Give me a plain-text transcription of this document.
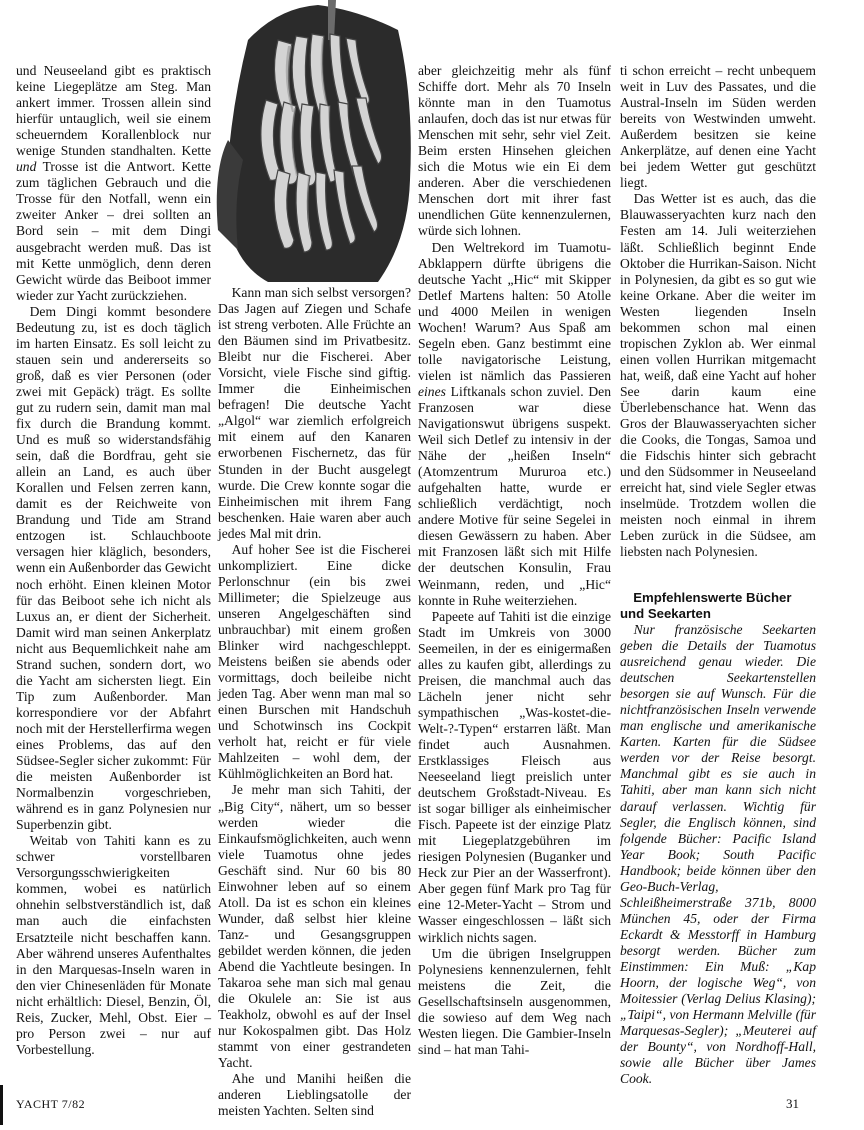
und Neuseeland gibt es praktisch keine Liegeplätze am Steg. Man ankert immer. Trossen allein sind hierfür untauglich, weil sie einem scheuerndem Korallenblock nur wenige Stunden standhalten. Kette und Trosse ist die Antwort. Kette zum täglichen Gebrauch und die Trosse für den Notfall, wenn ein zweiter Anker – drei sollten an Bord sein – mit dem Dingi ausgebracht werden muß. Das ist mit Kette unmöglich, denn deren Gewicht würde das Beiboot immer wieder zur Yacht zurückziehen.

Dem Dingi kommt besondere Bedeutung zu, ist es doch täglich im harten Einsatz. Es soll leicht zu stauen sein und andererseits so groß, daß es vier Personen (oder zwei mit Gepäck) trägt. Es sollte gut zu rudern sein, damit man mal fix durch die Brandung kommt. Und es muß so widerstandsfähig sein, daß die Bordfrau, geht sie allein an Land, es auch über Korallen und Felsen zerren kann, damit es der Reichweite von Brandung und Tide am Strand entzogen ist. Schlauchboote versagen hier kläglich, besonders, wenn ein Außenborder das Gewicht noch erhöht. Einen kleinen Motor für das Beiboot sehe ich nicht als Luxus an, er dient der Sicherheit. Damit wird man seinen Ankerplatz nicht aus Bequemlichkeit nahe am Strand suchen, sondern dort, wo die Yacht am sichersten liegt. Ein Tip zum Außenborder. Man korrespondiere vor der Abfahrt noch mit der Herstellerfirma wegen eines Problems, das auf den Südsee-Segler sicher zukommt: Für die meisten Außenborder ist Normalbenzin vorgeschrieben, während es in ganz Polynesien nur Superbenzin gibt.

Weitab von Tahiti kann es zu schwer vorstellbaren Versorgungsschwierigkeiten kommen, wobei es natürlich ohnehin selbstverständlich ist, daß man auch die einfachsten Ersatzteile nicht beschaffen kann. Aber während unseres Aufenthaltes in den Marquesas-Inseln waren in den vier Chinesenläden für Monate nicht erhältlich: Diesel, Benzin, Öl, Reis, Zucker, Mehl, Obst. Eier – pro Person zwei – nur auf Vorbestellung.

Kann man sich selbst versorgen? Das Jagen auf Ziegen und Schafe ist streng verboten. Alle Früchte an den Bäumen sind im Privatbesitz. Bleibt nur die Fischerei. Aber Vorsicht, viele Fische sind giftig. Immer die Einheimischen befragen! Die deutsche Yacht „Algol“ war ziemlich erfolgreich mit einem auf den Kanaren erworbenen Fischernetz, das für Stunden in der Bucht ausgelegt wurde. Die Crew konnte sogar die Einheimischen mit ihrem Fang beschenken. Haie waren aber auch jedes Mal mit drin.

Auf hoher See ist die Fischerei unkompliziert. Eine dicke Perlonschnur (ein bis zwei Millimeter; die Spielzeuge aus unseren Angelgeschäften sind unbrauchbar) mit einem großen Blinker wird nachgeschleppt. Meistens beißen sie abends oder vormittags, doch beileibe nicht jeden Tag. Aber wenn man mal so einen Burschen mit Handschuh und Schotwinsch ins Cockpit verholt hat, reicht er für viele Mahlzeiten – wohl dem, der Kühlmöglichkeiten an Bord hat.

Je mehr man sich Tahiti, der „Big City“, nähert, um so besser werden wieder die Einkaufsmöglichkeiten, auch wenn viele Tuamotus ohne jedes Geschäft sind. Nur 60 bis 80 Einwohner leben auf so einem Atoll. Da ist es schon ein kleines Wunder, daß selbst hier kleine Tanz- und Gesangsgruppen gebildet werden können, die jeden Abend die Yachtleute besingen. In Takaroa sehe man sich mal genau die Okulele an: Sie ist aus Teakholz, obwohl es auf der Insel nur Kokospalmen gibt. Das Holz stammt von einer gestrandeten Yacht.

Ahe und Manihi heißen die anderen Lieblingsatolle der meisten Yachten. Selten sind

aber gleichzeitig mehr als fünf Schiffe dort. Mehr als 70 Inseln könnte man in den Tuamotus anlaufen, doch das ist nur etwas für Menschen mit sehr, sehr viel Zeit. Beim ersten Hinsehen gleichen sich die Motus wie ein Ei dem anderen. Aber die verschiedenen Menschen dort mit ihrer fast unendlichen Güte kennenzulernen, würde sich lohnen.

Den Weltrekord im Tuamotu-Abklappern dürfte übrigens die deutsche Yacht „Hic“ mit Skipper Detlef Martens halten: 50 Atolle und 4000 Meilen in wenigen Wochen! Warum? Aus Spaß am Segeln eben. Ganz bestimmt eine tolle navigatorische Leistung, vielen ist nämlich das Passieren eines Liftkanals schon zuviel. Den Franzosen war diese Navigationswut übrigens suspekt. Weil sich Detlef zu intensiv in der Nähe der „heißen Inseln“ (Atomzentrum Mururoa etc.) aufgehalten hatte, wurde er schließlich verdächtigt, noch andere Motive für seine Segelei in diesen Gewässern zu haben. Aber mit Franzosen läßt sich mit Hilfe der deutschen Konsulin, Frau Weinmann, reden, und „Hic“ konnte in Ruhe weiterziehen.

Papeete auf Tahiti ist die einzige Stadt im Umkreis von 3000 Seemeilen, in der es einigermaßen alles zu kaufen gibt, allerdings zu Preisen, die manchmal auch das Lächeln jener nicht sehr sympathischen „Was-kostet-die-Welt-?-Typen“ erstarren läßt. Man findet auch Ausnahmen. Erstklassiges Fleisch aus Neeseeland liegt preislich unter deutschem Großstadt-Niveau. Es ist sogar billiger als einheimischer Fisch. Papeete ist der einzige Platz mit Liegeplatzgebühren im riesigen Polynesien (Buganker und Heck zur Pier an der Wasserfront). Aber gegen fünf Mark pro Tag für eine 12-Meter-Yacht – Strom und Wasser eingeschlossen – läßt sich wirklich nichts sagen.

Um die übrigen Inselgruppen Polynesiens kennenzulernen, fehlt meistens die Zeit, die Gesellschaftsinseln ausgenommen, die sowieso auf dem Weg nach Westen liegen. Die Gambier-Inseln sind – hat man Tahi-

ti schon erreicht – recht unbequem weit in Luv des Passates, und die Austral-Inseln im Süden werden bereits von Westwinden umweht. Außerdem besitzen sie keine Ankerplätze, auf denen eine Yacht bei jedem Wetter gut geschützt liegt.

Das Wetter ist es auch, das die Blauwasseryachten kurz nach den Festen am 14. Juli weiterziehen läßt. Schließlich beginnt Ende Oktober die Hurrikan-Saison. Nicht in Polynesien, da gibt es so gut wie keine Orkane. Aber die weiter im Westen liegenden Inseln bekommen schon mal einen tropischen Zyklon ab. Wer einmal einen vollen Hurrikan mitgemacht hat, weiß, daß eine Yacht auf hoher See darin kaum eine Überlebenschance hat. Wenn das Gros der Blauwasseryachten sicher die Cooks, die Tongas, Samoa und die Fidschis hinter sich gebracht und den Südsommer in Neuseeland erreicht hat, sind viele Segler etwas inselmüde. Trotzdem wollen die meisten noch einmal in ihrem Leben zurück in die Südsee, am liebsten nach Polynesien.

Empfehlenswerte Bücher und Seekarten

Nur französische Seekarten geben die Details der Tuamotus ausreichend genau wieder. Die deutschen Seekartenstellen besorgen sie auf Wunsch. Für die nichtfranzösischen Inseln verwende man englische und amerikanische Karten. Karten für die Südsee werden vor der Reise besorgt. Manchmal gibt es sie auch in Tahiti, aber man kann sich nicht darauf verlassen. Wichtig für Segler, die Englisch können, sind folgende Bücher: Pacific Island Year Book; South Pacific Handbook; beide können über den Geo-Buch-Verlag, Schleißheimerstraße 371b, 8000 München 45, oder der Firma Eckardt & Messtorff in Hamburg besorgt werden. Bücher zum Einstimmen: Ein Muß: „Kap Hoorn, der logische Weg“, von Moitessier (Verlag Delius Klasing); „Taipi“, von Hermann Melville (für Marquesas-Segler); „Meuterei auf der Bounty“, von Nordhoff-Hall, sowie alle Bücher über James Cook.

YACHT 7/82	31
